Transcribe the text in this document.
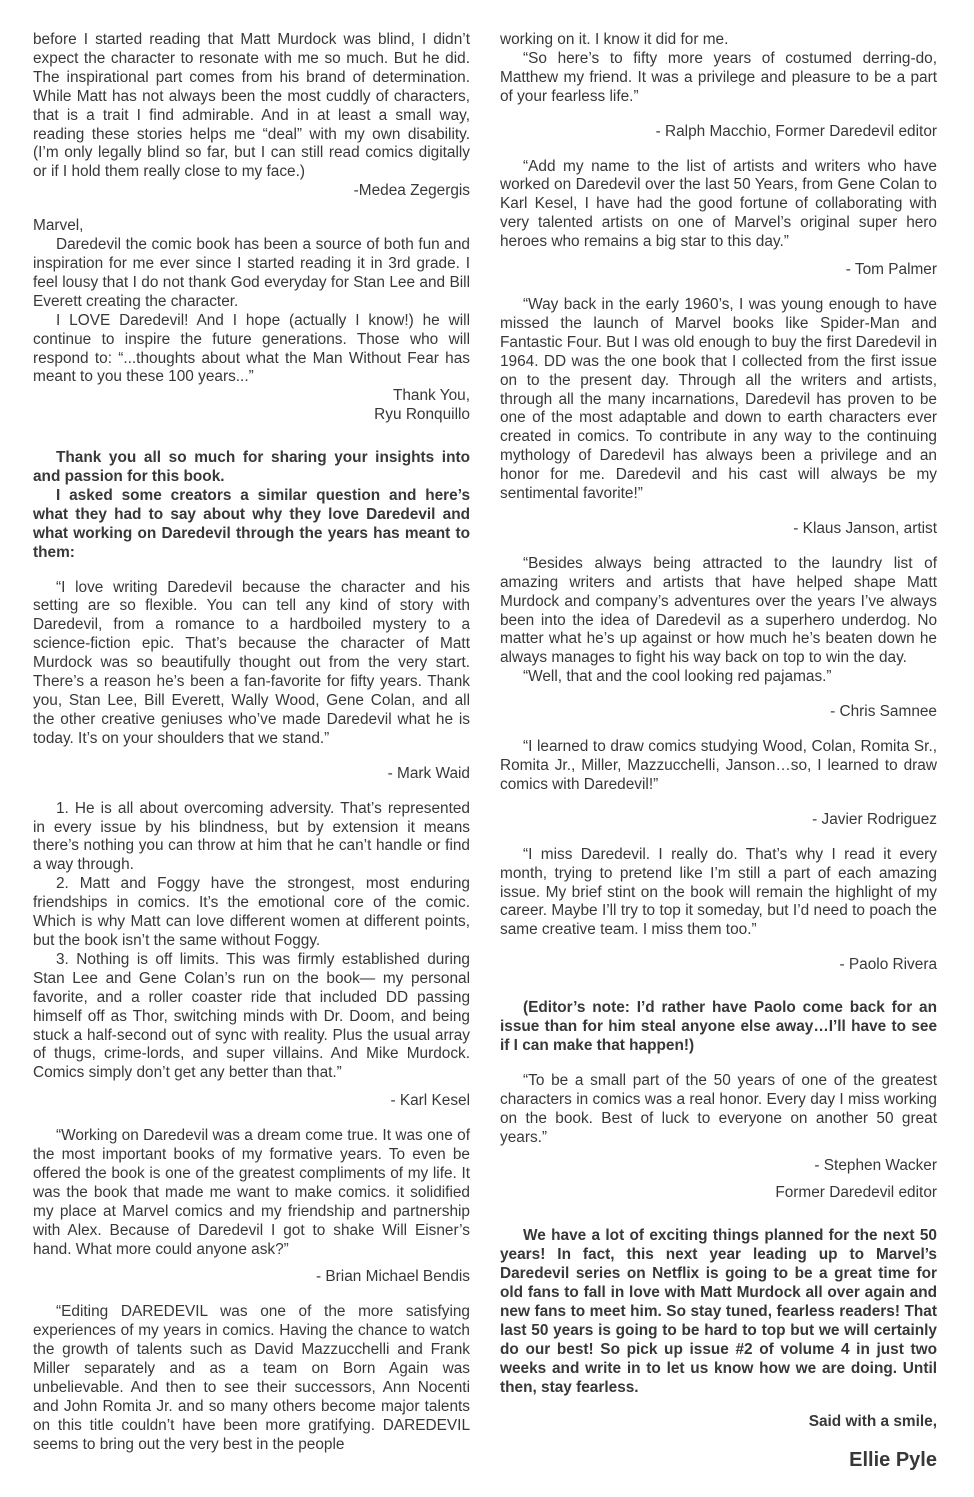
before I started reading that Matt Murdock was blind, I didn’t expect the character to resonate with me so much. But he did. The inspirational part comes from his brand of determination. While Matt has not always been the most cuddly of characters, that is a trait I find admirable. And in at least a small way, reading these stories helps me “deal” with my own disability. (I’m only legally blind so far, but I can still read comics digitally or if I hold them really close to my face.)
-Medea Zegergis
Marvel,
Daredevil the comic book has been a source of both fun and inspiration for me ever since I started reading it in 3rd grade. I feel lousy that I do not thank God everyday for Stan Lee and Bill Everett creating the character.
I LOVE Daredevil! And I hope (actually I know!) he will continue to inspire the future generations. Those who will respond to: “...thoughts about what the Man Without Fear has meant to you these 100 years...”
Thank You,
Ryu Ronquillo
Thank you all so much for sharing your insights into and passion for this book.
I asked some creators a similar question and here’s what they had to say about why they love Daredevil and what working on Daredevil through the years has meant to them:
“I love writing Daredevil because the character and his setting are so flexible. You can tell any kind of story with Daredevil, from a romance to a hardboiled mystery to a science-fiction epic. That’s because the character of Matt Murdock was so beautifully thought out from the very start. There’s a reason he’s been a fan-favorite for fifty years. Thank you, Stan Lee, Bill Everett, Wally Wood, Gene Colan, and all the other creative geniuses who’ve made Daredevil what he is today. It’s on your shoulders that we stand.”
- Mark Waid
1. He is all about overcoming adversity. That’s represented in every issue by his blindness, but by extension it means there’s nothing you can throw at him that he can’t handle or find a way through.
2. Matt and Foggy have the strongest, most enduring friendships in comics. It’s the emotional core of the comic. Which is why Matt can love different women at different points, but the book isn’t the same without Foggy.
3. Nothing is off limits. This was firmly established during Stan Lee and Gene Colan’s run on the book— my personal favorite, and a roller coaster ride that included DD passing himself off as Thor, switching minds with Dr. Doom, and being stuck a half-second out of sync with reality. Plus the usual array of thugs, crime-lords, and super villains. And Mike Murdock. Comics simply don’t get any better than that.”
- Karl Kesel
“Working on Daredevil was a dream come true. It was one of the most important books of my formative years. To even be offered the book is one of the greatest compliments of my life. It was the book that made me want to make comics. it solidified my place at Marvel comics and my friendship and partnership with Alex. Because of Daredevil I got to shake Will Eisner’s hand. What more could anyone ask?”
- Brian Michael Bendis
“Editing DAREDEVIL was one of the more satisfying experiences of my years in comics. Having the chance to watch the growth of talents such as David Mazzucchelli and Frank Miller separately and as a team on Born Again was unbelievable. And then to see their successors, Ann Nocenti and John Romita Jr. and so many others become major talents on this title couldn’t have been more gratifying. DAREDEVIL seems to bring out the very best in the people
working on it. I know it did for me.
“So here’s to fifty more years of costumed derring-do, Matthew my friend. It was a privilege and pleasure to be a part of your fearless life.”
- Ralph Macchio, Former Daredevil editor
“Add my name to the list of artists and writers who have worked on Daredevil over the last 50 Years, from Gene Colan to Karl Kesel, I have had the good fortune of collaborating with very talented artists on one of Marvel’s original super hero heroes who remains a big star to this day.”
- Tom Palmer
“Way back in the early 1960’s, I was young enough to have missed the launch of Marvel books like Spider-Man and Fantastic Four. But I was old enough to buy the first Daredevil in 1964. DD was the one book that I collected from the first issue on to the present day. Through all the writers and artists, through all the many incarnations, Daredevil has proven to be one of the most adaptable and down to earth characters ever created in comics. To contribute in any way to the continuing mythology of Daredevil has always been a privilege and an honor for me. Daredevil and his cast will always be my sentimental favorite!”
- Klaus Janson, artist
“Besides always being attracted to the laundry list of amazing writers and artists that have helped shape Matt Murdock and company’s adventures over the years I’ve always been into the idea of Daredevil as a superhero underdog. No matter what he’s up against or how much he’s beaten down he always manages to fight his way back on top to win the day.
“Well, that and the cool looking red pajamas.”
- Chris Samnee
“I learned to draw comics studying Wood, Colan, Romita Sr., Romita Jr., Miller, Mazzucchelli, Janson…so, I learned to draw comics with Daredevil!”
- Javier Rodriguez
“I miss Daredevil. I really do. That’s why I read it every month, trying to pretend like I’m still a part of each amazing issue. My brief stint on the book will remain the highlight of my career. Maybe I’ll try to top it someday, but I’d need to poach the same creative team. I miss them too.”
- Paolo Rivera
(Editor’s note: I’d rather have Paolo come back for an issue than for him steal anyone else away…I’ll have to see if I can make that happen!)
“To be a small part of the 50 years of one of the greatest characters in comics was a real honor. Every day I miss working on the book. Best of luck to everyone on another 50 great years.”
- Stephen Wacker
Former Daredevil editor
We have a lot of exciting things planned for the next 50 years! In fact, this next year leading up to Marvel’s Daredevil series on Netflix is going to be a great time for old fans to fall in love with Matt Murdock all over again and new fans to meet him. So stay tuned, fearless readers! That last 50 years is going to be hard to top but we will certainly do our best! So pick up issue #2 of volume 4 in just two weeks and write in to let us know how we are doing. Until then, stay fearless.
Said with a smile,
Ellie Pyle
